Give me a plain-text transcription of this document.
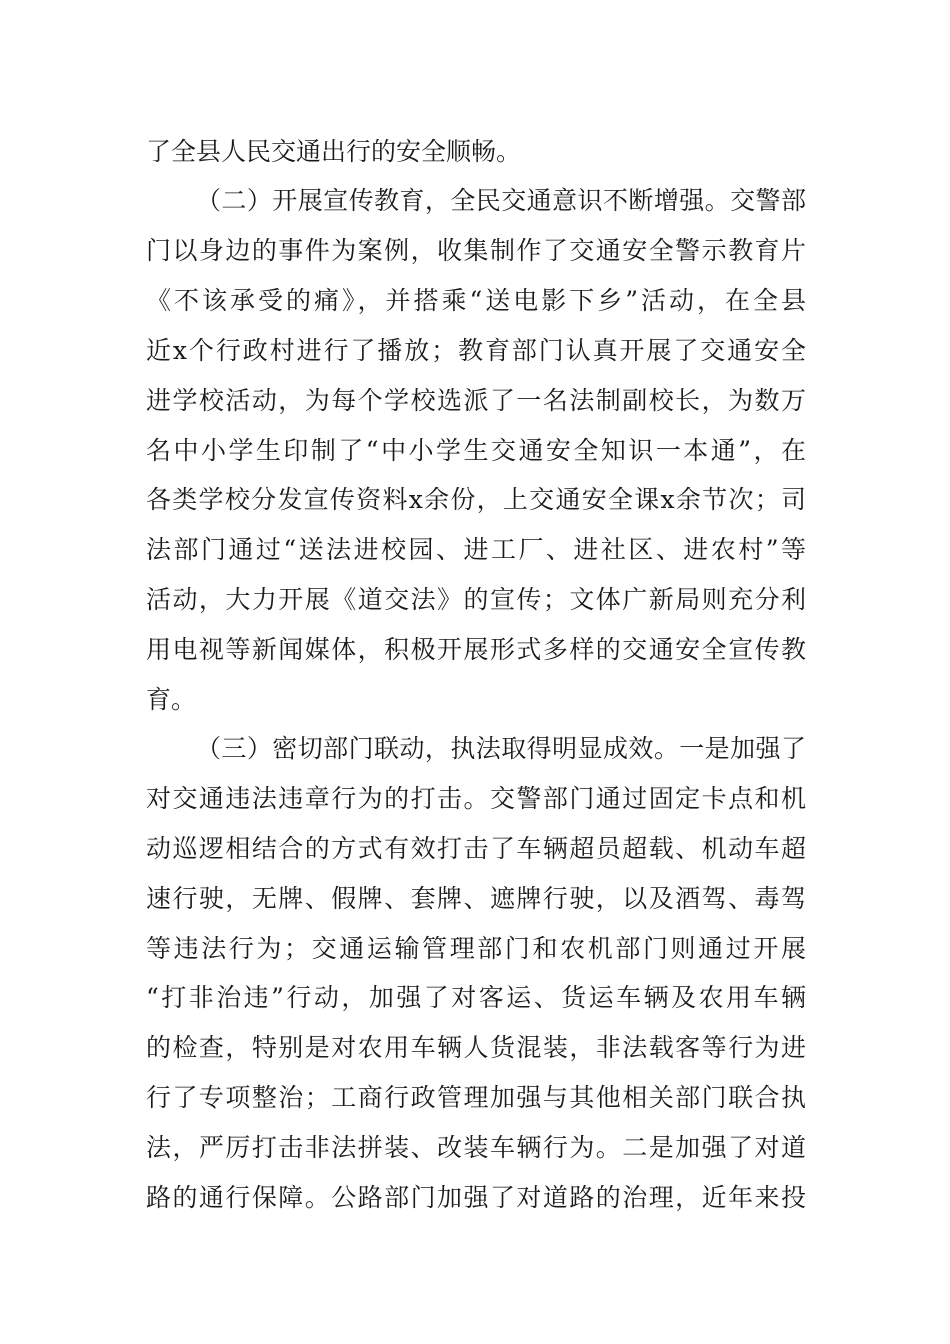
了全县人民交通出行的安全顺畅。
（二）开展宣传教育，全民交通意识不断增强。交警部
门以身边的事件为案例，收集制作了交通安全警示教育片
《不该承受的痛》，并搭乘“送电影下乡”活动，在全县
近x个行政村进行了播放；教育部门认真开展了交通安全
进学校活动，为每个学校选派了一名法制副校长，为数万
名中小学生印制了“中小学生交通安全知识一本通”，在
各类学校分发宣传资料x余份，上交通安全课x余节次；司
法部门通过“送法进校园、进工厂、进社区、进农村”等
活动，大力开展《道交法》的宣传；文体广新局则充分利
用电视等新闻媒体，积极开展形式多样的交通安全宣传教
育。
（三）密切部门联动，执法取得明显成效。一是加强了
对交通违法违章行为的打击。交警部门通过固定卡点和机
动巡逻相结合的方式有效打击了车辆超员超载、机动车超
速行驶，无牌、假牌、套牌、遮牌行驶，以及酒驾、毒驾
等违法行为；交通运输管理部门和农机部门则通过开展
“打非治违”行动，加强了对客运、货运车辆及农用车辆
的检查，特别是对农用车辆人货混装，非法载客等行为进
行了专项整治；工商行政管理加强与其他相关部门联合执
法，严厉打击非法拼装、改装车辆行为。二是加强了对道
路的通行保障。公路部门加强了对道路的治理，近年来投
